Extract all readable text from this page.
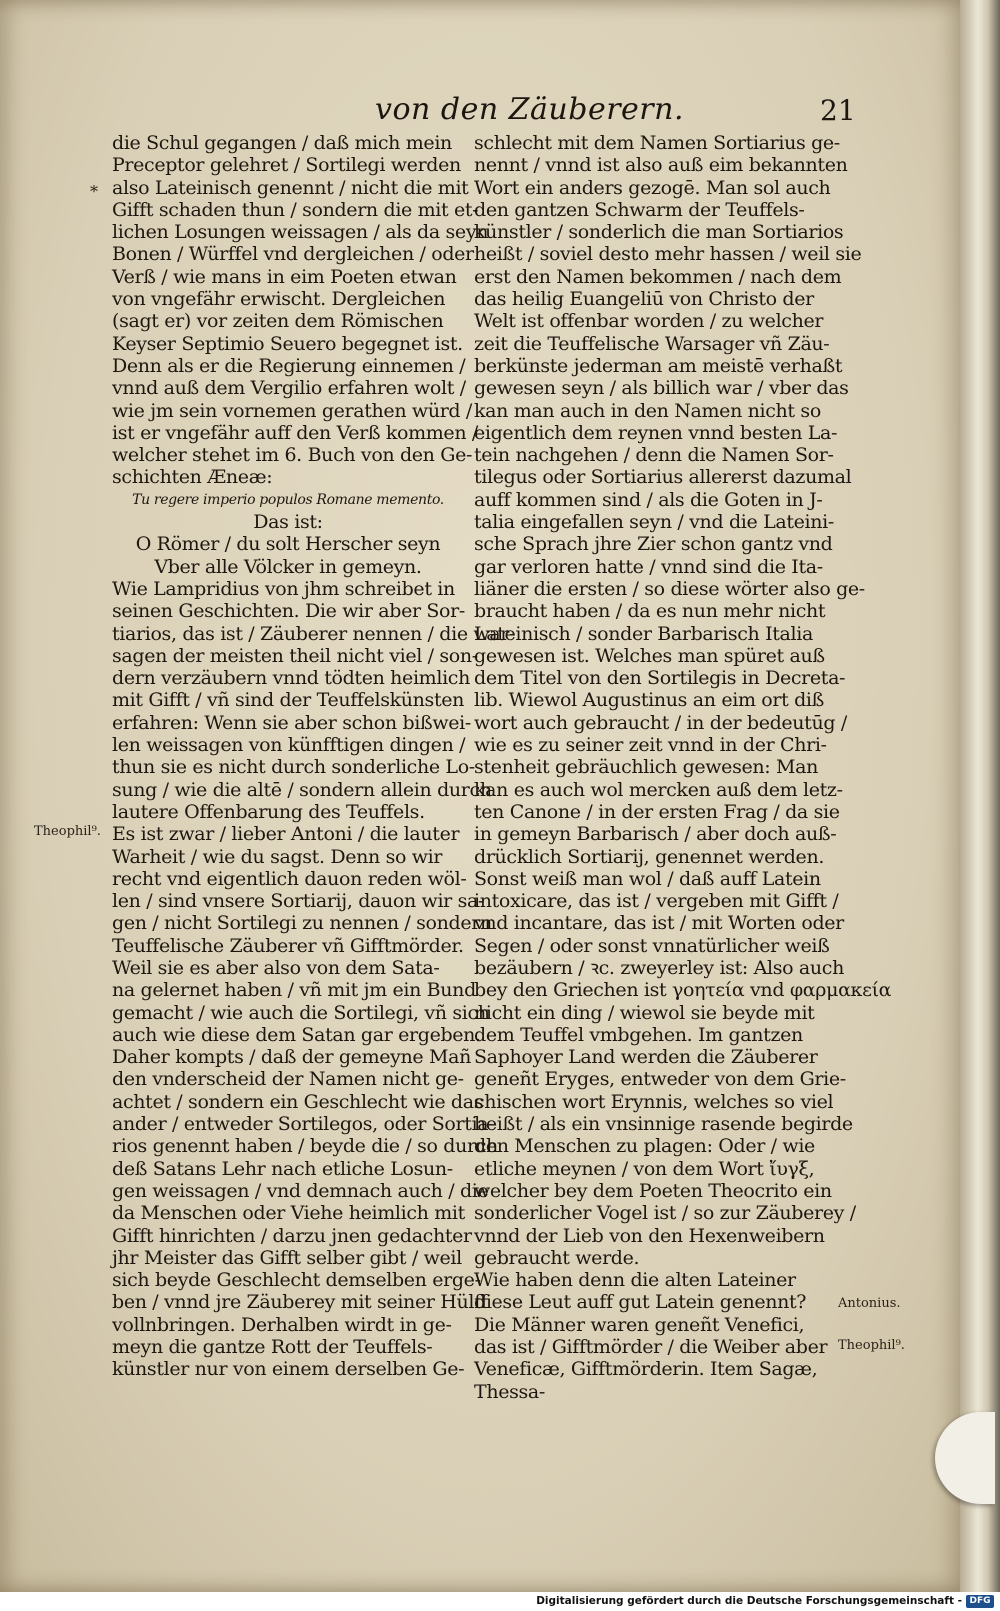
von den Zäuberern.	21
*
die Schul gegangen / daß mich mein
Preceptor gelehret / Sortilegi werden
also Lateinisch genennt / nicht die mit
Gifft schaden thun / sondern die mit et-
lichen Losungen weissagen / als da seyn
Bonen / Würffel vnd dergleichen / oder
Verß / wie mans in eim Poeten etwan
von vngefähr erwischt. Dergleichen
(sagt er) vor zeiten dem Römischen
Keyser Septimio Seuero begegnet ist.
Denn als er die Regierung einnemen /
vnnd auß dem Vergilio erfahren wolt /
wie jm sein vornemen gerathen würd /
ist er vngefähr auff den Verß kommen /
welcher stehet im 6. Buch von den Ge-
schichten Æneæ:
Tu regere imperio populos Romane memento.
Das ist:
O Römer / du solt Herscher seyn
Vber alle Völcker in gemeyn.
Wie Lampridius von jhm schreibet in
seinen Geschichten. Die wir aber Sor-
tiarios, das ist / Zäuberer nennen / die war-
sagen der meisten theil nicht viel / son-
dern verzäubern vnnd tödten heimlich
mit Gifft / vñ sind der Teuffelskünsten
erfahren: Wenn sie aber schon bißwei-
len weissagen von künfftigen dingen /
thun sie es nicht durch sonderliche Lo-
sung / wie die altē / sondern allein durch
lautere Offenbarung des Teuffels.
Es ist zwar / lieber Antoni / die lauter
Warheit / wie du sagst. Denn so wir
recht vnd eigentlich dauon reden wöl-
len / sind vnsere Sortiarij, dauon wir sa-
gen / nicht Sortilegi zu nennen / sondern
Teuffelische Zäuberer vñ Gifftmörder.
Weil sie es aber also von dem Sata-
na gelernet haben / vñ mit jm ein Bund
gemacht / wie auch die Sortilegi, vñ sich
auch wie diese dem Satan gar ergeben.
Daher kompts / daß der gemeyne Mañ
den vnderscheid der Namen nicht ge-
achtet / sondern ein Geschlecht wie das
ander / entweder Sortilegos, oder Sortia-
rios genennt haben / beyde die / so durch
deß Satans Lehr nach etliche Losun-
gen weissagen / vnd demnach auch / die
da Menschen oder Viehe heimlich mit
Gifft hinrichten / darzu jnen gedachter
jhr Meister das Gifft selber gibt / weil
sich beyde Geschlecht demselben erge-
ben / vnnd jre Zäuberey mit seiner Hülff
vollnbringen. Derhalben wirdt in ge-
meyn die gantze Rott der Teuffels-
künstler nur von einem derselben Ge-
schlecht mit dem Namen Sortiarius ge-
nennt / vnnd ist also auß eim bekannten
Wort ein anders gezogē. Man sol auch
den gantzen Schwarm der Teuffels-
künstler / sonderlich die man Sortiarios
heißt / soviel desto mehr hassen / weil sie
erst den Namen bekommen / nach dem
das heilig Euangeliū von Christo der
Welt ist offenbar worden / zu welcher
zeit die Teuffelische Warsager vñ Zäu-
berkünste jederman am meistē verhaßt
gewesen seyn / als billich war / vber das
kan man auch in den Namen nicht so
eigentlich dem reynen vnnd besten La-
tein nachgehen / denn die Namen Sor-
tilegus oder Sortiarius allererst dazumal
auff kommen sind / als die Goten in J-
talia eingefallen seyn / vnd die Lateini-
sche Sprach jhre Zier schon gantz vnd
gar verloren hatte / vnnd sind die Ita-
liäner die ersten / so diese wörter also ge-
braucht haben / da es nun mehr nicht
Lateinisch / sonder Barbarisch Italia
gewesen ist. Welches man spüret auß
dem Titel von den Sortilegis in Decreta-
lib. Wiewol Augustinus an eim ort diß
wort auch gebraucht / in der bedeutūg /
wie es zu seiner zeit vnnd in der Chri-
stenheit gebräuchlich gewesen: Man
kan es auch wol mercken auß dem letz-
ten Canone / in der ersten Frag / da sie
in gemeyn Barbarisch / aber doch auß-
drücklich Sortiarij, genennet werden.
Sonst weiß man wol / daß auff Latein
intoxicare, das ist / vergeben mit Gifft /
vnd incantare, das ist / mit Worten oder
Segen / oder sonst vnnatürlicher weiß
bezäubern / ꝛc. zweyerley ist: Also auch
bey den Griechen ist γοητεία vnd φαρμακεία
nicht ein ding / wiewol sie beyde mit
dem Teuffel vmbgehen. Im gantzen
Saphoyer Land werden die Zäuberer
geneñt Eryges, entweder von dem Grie-
chischen wort Erynnis, welches so viel
heißt / als ein vnsinnige rasende begirde
den Menschen zu plagen: Oder / wie
etliche meynen / von dem Wort ἴυγξ,
welcher bey dem Poeten Theocrito ein
sonderlicher Vogel ist / so zur Zäuberey /
vnnd der Lieb von den Hexenweibern
gebraucht werde.
Wie haben denn die alten Lateiner
diese Leut auff gut Latein genennt?
Die Männer waren geneñt Venefici,
das ist / Gifftmörder / die Weiber aber
Veneficæ, Gifftmörderin. Item Sagæ,
Thessa-
Theophil⁹.
Antonius.
Theophil⁹.
Digitalisierung gefördert durch die Deutsche Forschungsgemeinschaft - DFG
